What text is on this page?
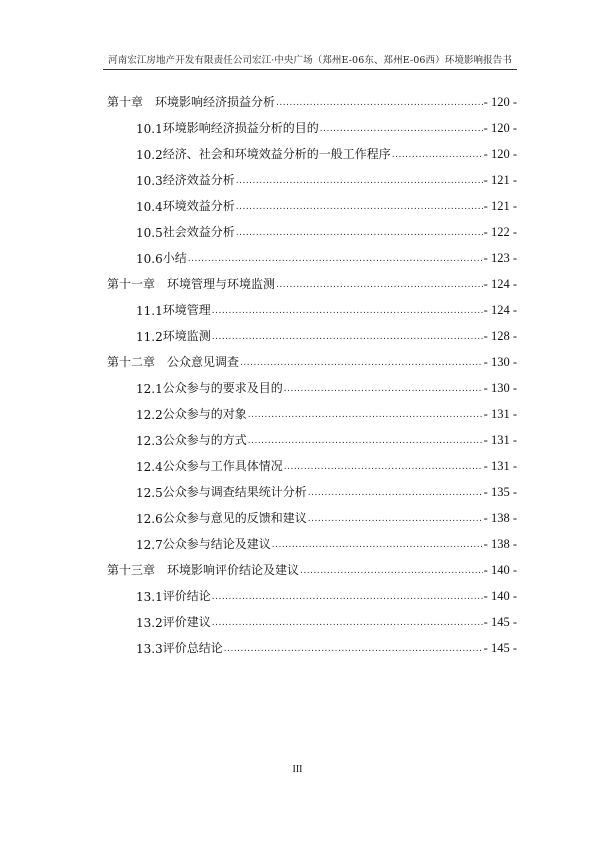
河南宏江房地产开发有限责任公司宏江·中央广场（郑州E-06东、郑州E-06西）环境影响报告书
第十章 环境影响经济损益分析 .....	- 120 -
10.1 环境影响经济损益分析的目的 .....	- 120 -
10.2 经济、社会和环境效益分析的一般工作程序 .....	- 120 -
10.3 经济效益分析 .....	- 121 -
10.4 环境效益分析 .....	- 121 -
10.5 社会效益分析 .....	- 122 -
10.6 小结 .....	- 123 -
第十一章 环境管理与环境监测 .....	- 124 -
11.1 环境管理 .....	- 124 -
11.2 环境监测 .....	- 128 -
第十二章 公众意见调查 .....	- 130 -
12.1 公众参与的要求及目的 .....	- 130 -
12.2 公众参与的对象 .....	- 131 -
12.3 公众参与的方式 .....	- 131 -
12.4 公众参与工作具体情况 .....	- 131 -
12.5 公众参与调查结果统计分析 .....	- 135 -
12.6 公众参与意见的反馈和建议 .....	- 138 -
12.7 公众参与结论及建议 .....	- 138 -
第十三章 环境影响评价结论及建议 .....	- 140 -
13.1 评价结论 .....	- 140 -
13.2 评价建议 .....	- 145 -
13.3 评价总结论 .....	- 145 -
III
